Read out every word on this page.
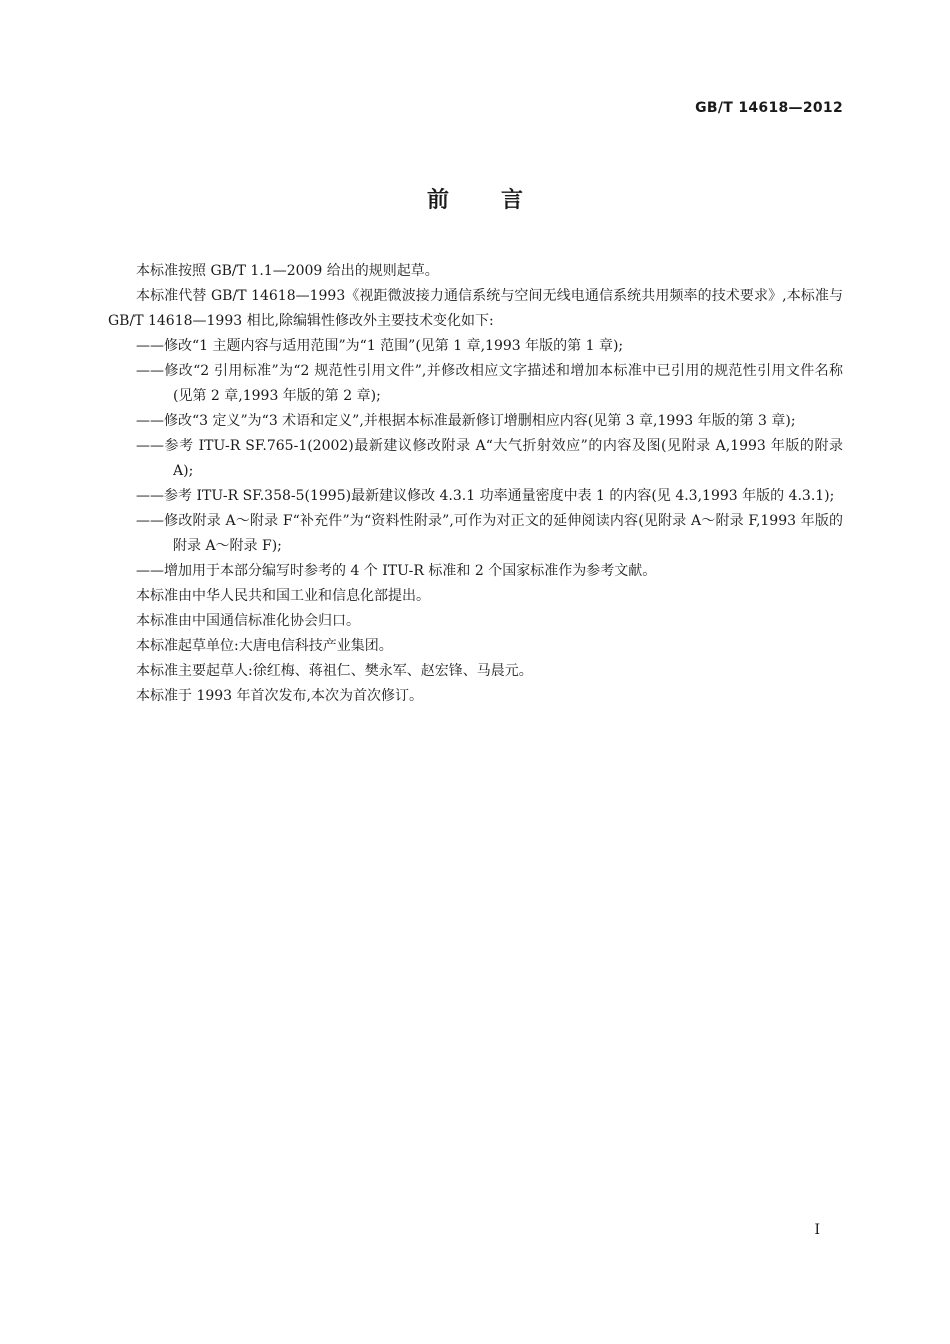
GB/T 14618—2012
前言

本标准按照 GB/T 1.1—2009 给出的规则起草。

本标准代替 GB/T 14618—1993《视距微波接力通信系统与空间无线电通信系统共用频率的技术要求》,本标准与 GB/T 14618—1993 相比,除编辑性修改外主要技术变化如下:

——修改“1 主题内容与适用范围”为“1 范围”(见第 1 章,1993 年版的第 1 章);

——修改“2 引用标准”为“2 规范性引用文件”,并修改相应文字描述和增加本标准中已引用的规范性引用文件名称(见第 2 章,1993 年版的第 2 章);

——修改“3 定义”为“3 术语和定义”,并根据本标准最新修订增删相应内容(见第 3 章,1993 年版的第 3 章);

——参考 ITU-R SF.765-1(2002)最新建议修改附录 A“大气折射效应”的内容及图(见附录 A,1993 年版的附录 A);

——参考 ITU-R SF.358-5(1995)最新建议修改 4.3.1 功率通量密度中表 1 的内容(见 4.3,1993 年版的 4.3.1);

——修改附录 A～附录 F“补充件”为“资料性附录”,可作为对正文的延伸阅读内容(见附录 A～附录 F,1993 年版的附录 A～附录 F);

——增加用于本部分编写时参考的 4 个 ITU-R 标准和 2 个国家标准作为参考文献。

本标准由中华人民共和国工业和信息化部提出。

本标准由中国通信标准化协会归口。

本标准起草单位:大唐电信科技产业集团。

本标准主要起草人:徐红梅、蒋祖仁、樊永军、赵宏锋、马晨元。

本标准于 1993 年首次发布,本次为首次修订。

I
